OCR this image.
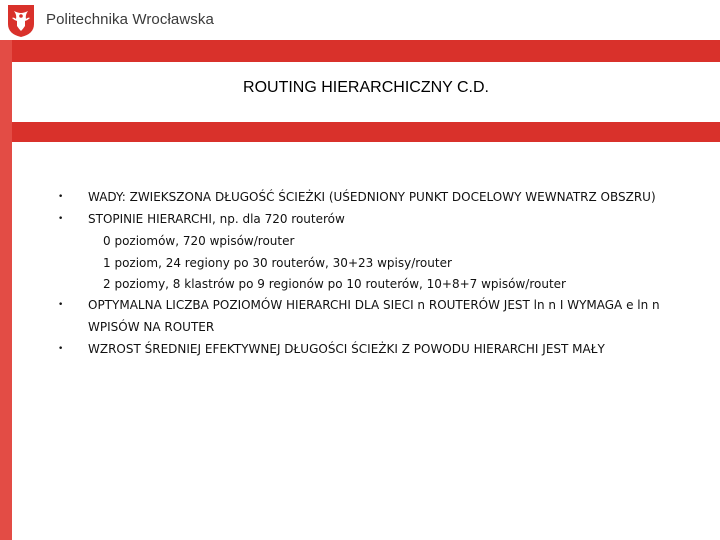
Politechnika Wrocławska
ROUTING HIERARCHICZNY C.D.
• WADY: ZWIEKSZONA DŁUGOŚĆ ŚCIEŻKI (UŚEDNIONY PUNKT DOCELOWY WEWNATRZ OBSZRU)
• STOPINIE HIERARCHI, np. dla 720 routerów
0 poziomów, 720 wpisów/router
1 poziom, 24 regiony po 30 routerów, 30+23 wpisy/router
2 poziomy, 8 klastrów po 9 regionów po 10 routerów, 10+8+7 wpisów/router
• OPTYMALNA LICZBA POZIOMÓW HIERARCHI DLA SIECI n ROUTERÓW JEST ln n I WYMAGA e ln n
WPISÓW NA ROUTER
• WZROST ŚREDNIEJ EFEKTYWNEJ DŁUGOŚCI ŚCIEŻKI Z POWODU HIERARCHI JEST MAŁY
